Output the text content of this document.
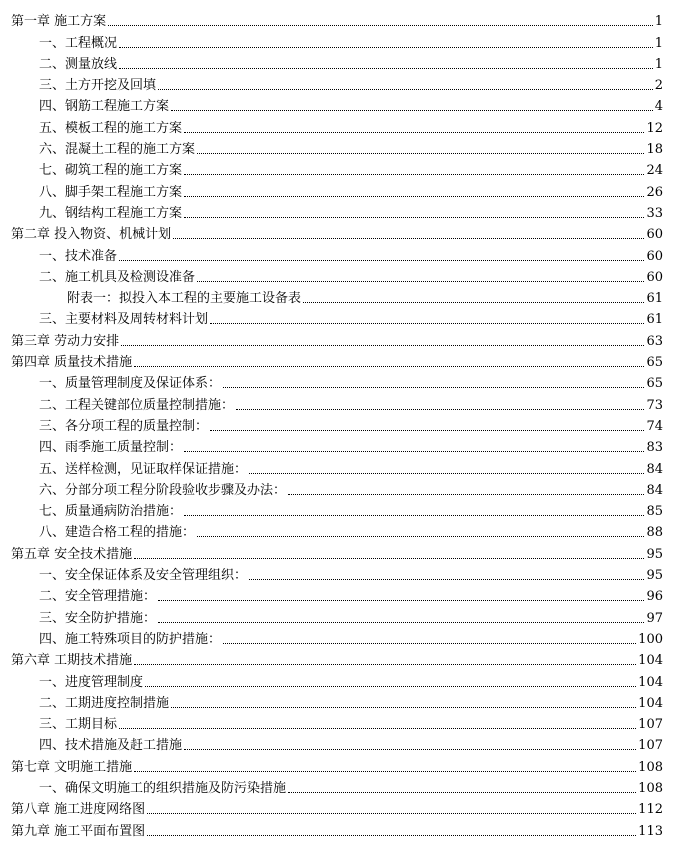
第一章 施工方案	1
一、工程概况	1
二、测量放线	1
三、土方开挖及回填	2
四、钢筋工程施工方案	4
五、模板工程的施工方案	12
六、混凝土工程的施工方案	18
七、砌筑工程的施工方案	24
八、脚手架工程施工方案	26
九、钢结构工程施工方案	33
第二章 投入物资、机械计划	60
一、技术准备	60
二、施工机具及检测设准备	60
附表一：拟投入本工程的主要施工设备表	61
三、主要材料及周转材料计划	61
第三章 劳动力安排	63
第四章 质量技术措施	65
一、质量管理制度及保证体系：	65
二、工程关键部位质量控制措施：	73
三、各分项工程的质量控制：	74
四、雨季施工质量控制：	83
五、送样检测，见证取样保证措施：	84
六、分部分项工程分阶段验收步骤及办法：	84
七、质量通病防治措施：	85
八、建造合格工程的措施：	88
第五章 安全技术措施	95
一、安全保证体系及安全管理组织：	95
二、安全管理措施：	96
三、安全防护措施：	97
四、施工特殊项目的防护措施：	100
第六章 工期技术措施	104
一、进度管理制度	104
二、工期进度控制措施	104
三、工期目标	107
四、技术措施及赶工措施	107
第七章 文明施工措施	108
一、确保文明施工的组织措施及防污染措施	108
第八章 施工进度网络图	112
第九章 施工平面布置图	113
